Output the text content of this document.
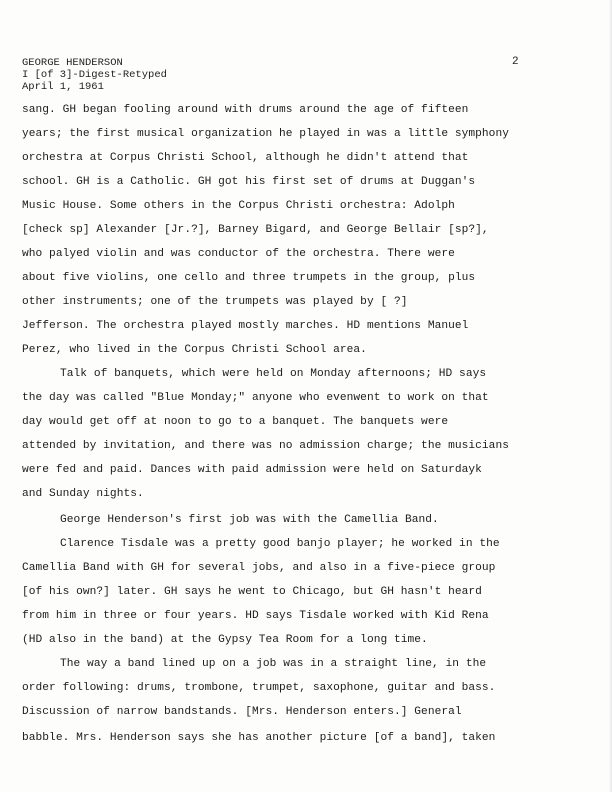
GEORGE HENDERSON
I [of 3]-Digest-Retyped
April 1, 1961
2
sang. GH began fooling around with drums around the age of fifteen
years; the first musical organization he played in was a little symphony
orchestra at Corpus Christi School, although he didn't attend that
school. GH is a Catholic. GH got his first set of drums at Duggan's
Music House. Some others in the Corpus Christi orchestra: Adolph
[check sp] Alexander [Jr.?], Barney Bigard, and George Bellair [sp?],
who palyed violin and was conductor of the orchestra. There were
about five violins, one cello and three trumpets in the group, plus
other instruments; one of the trumpets was played by [ ?]
Jefferson. The orchestra played mostly marches. HD mentions Manuel
Perez, who lived in the Corpus Christi School area.
Talk of banquets, which were held on Monday afternoons; HD says
the day was called "Blue Monday;" anyone who evenwent to work on that
day would get off at noon to go to a banquet. The banquets were
attended by invitation, and there was no admission charge; the musicians
were fed and paid. Dances with paid admission were held on Saturdayk
and Sunday nights.
George Henderson's first job was with the Camellia Band.
Clarence Tisdale was a pretty good banjo player; he worked in the
Camellia Band with GH for several jobs, and also in a five-piece group
[of his own?] later. GH says he went to Chicago, but GH hasn't heard
from him in three or four years. HD says Tisdale worked with Kid Rena
(HD also in the band) at the Gypsy Tea Room for a long time.
The way a band lined up on a job was in a straight line, in the
order following: drums, trombone, trumpet, saxophone, guitar and bass.
Discussion of narrow bandstands. [Mrs. Henderson enters.] General
babble. Mrs. Henderson says she has another picture [of a band], taken
